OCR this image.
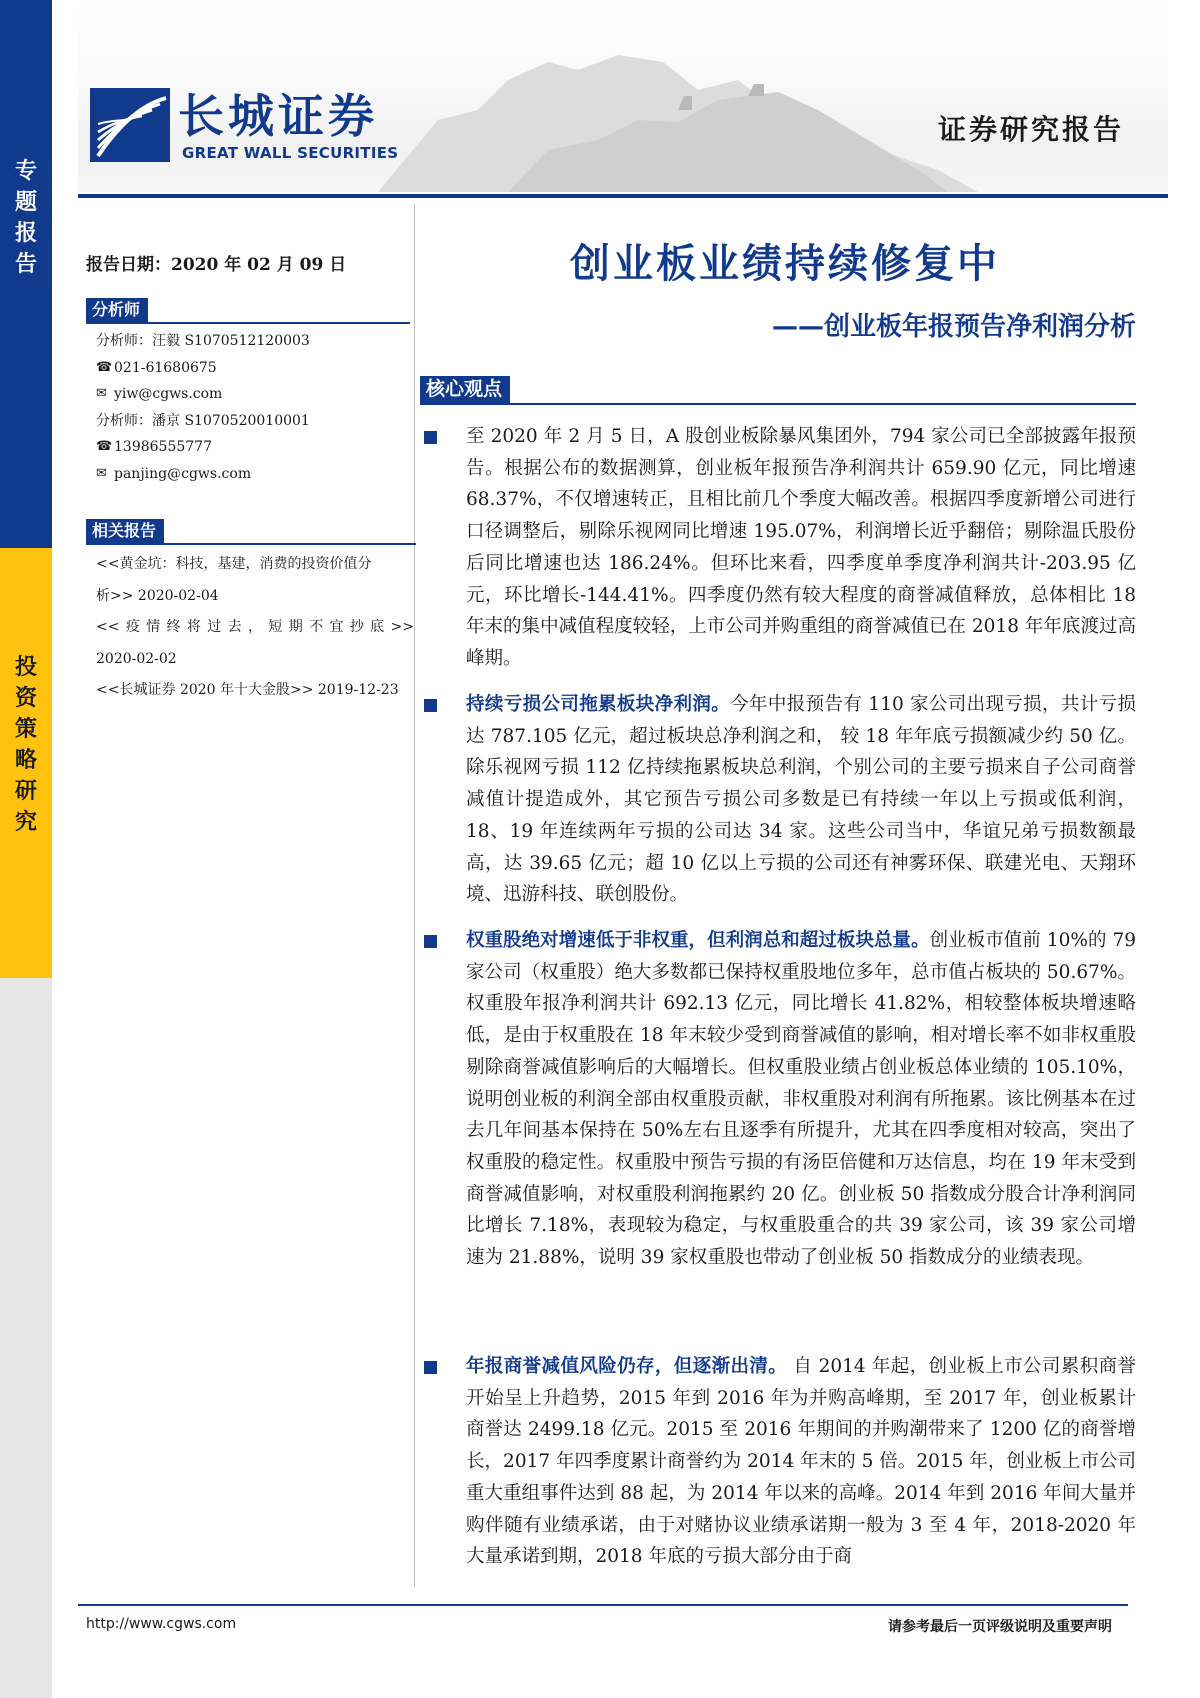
专
题
报
告
投
资
策
略
研
究
长城证券
GREAT WALL SECURITIES
证券研究报告
报告日期：2020 年 02 月 09 日
分析师
分析师：汪毅 S1070512120003
☎ 021-61680675
✉ yiw@cgws.com
分析师：潘京 S1070520010001
☎ 13986555777
✉ panjing@cgws.com
相关报告
<<黄金坑：科技，基建，消费的投资价值分
析>> 2020-02-04
<<疫情终将过去，短期不宜抄底>>
2020-02-02
<<长城证券 2020 年十大金股>> 2019-12-23
创业板业绩持续修复中
——创业板年报预告净利润分析
核心观点

至 2020 年 2 月 5 日，A 股创业板除暴风集团外，794 家公司已全部披露年报预告。根据公布的数据测算，创业板年报预告净利润共计 659.90 亿元，同比增速 68.37%，不仅增速转正，且相比前几个季度大幅改善。根据四季度新增公司进行口径调整后，剔除乐视网同比增速 195.07%，利润增长近乎翻倍；剔除温氏股份后同比增速也达 186.24%。但环比来看，四季度单季度净利润共计-203.95 亿元，环比增长-144.41%。四季度仍然有较大程度的商誉减值释放，总体相比 18 年末的集中减值程度较轻，上市公司并购重组的商誉减值已在 2018 年年底渡过高峰期。

持续亏损公司拖累板块净利润。今年中报预告有 110 家公司出现亏损，共计亏损达 787.105 亿元，超过板块总净利润之和， 较 18 年年底亏损额减少约 50 亿。除乐视网亏损 112 亿持续拖累板块总利润，个别公司的主要亏损来自子公司商誉减值计提造成外，其它预告亏损公司多数是已有持续一年以上亏损或低利润，18、19 年连续两年亏损的公司达 34 家。这些公司当中，华谊兄弟亏损数额最高，达 39.65 亿元；超 10 亿以上亏损的公司还有神雾环保、联建光电、天翔环境、迅游科技、联创股份。

权重股绝对增速低于非权重，但利润总和超过板块总量。创业板市值前 10%的 79 家公司（权重股）绝大多数都已保持权重股地位多年，总市值占板块的 50.67%。权重股年报净利润共计 692.13 亿元，同比增长 41.82%，相较整体板块增速略低，是由于权重股在 18 年末较少受到商誉减值的影响，相对增长率不如非权重股剔除商誉减值影响后的大幅增长。但权重股业绩占创业板总体业绩的 105.10%，说明创业板的利润全部由权重股贡献，非权重股对利润有所拖累。该比例基本在过去几年间基本保持在 50%左右且逐季有所提升，尤其在四季度相对较高，突出了权重股的稳定性。权重股中预告亏损的有汤臣倍健和万达信息，均在 19 年末受到商誉减值影响，对权重股利润拖累约 20 亿。创业板 50 指数成分股合计净利润同比增长 7.18%，表现较为稳定，与权重股重合的共 39 家公司，该 39 家公司增速为 21.88%，说明 39 家权重股也带动了创业板 50 指数成分的业绩表现。

年报商誉减值风险仍存，但逐渐出清。 自 2014 年起，创业板上市公司累积商誉开始呈上升趋势，2015 年到 2016 年为并购高峰期，至 2017 年，创业板累计商誉达 2499.18 亿元。2015 至 2016 年期间的并购潮带来了 1200 亿的商誉增长，2017 年四季度累计商誉约为 2014 年末的 5 倍。2015 年，创业板上市公司重大重组事件达到 88 起，为 2014 年以来的高峰。2014 年到 2016 年间大量并购伴随有业绩承诺，由于对赌协议业绩承诺期一般为 3 至 4 年，2018-2020 年大量承诺到期，2018 年底的亏损大部分由于商

http://www.cgws.com	请参考最后一页评级说明及重要声明
